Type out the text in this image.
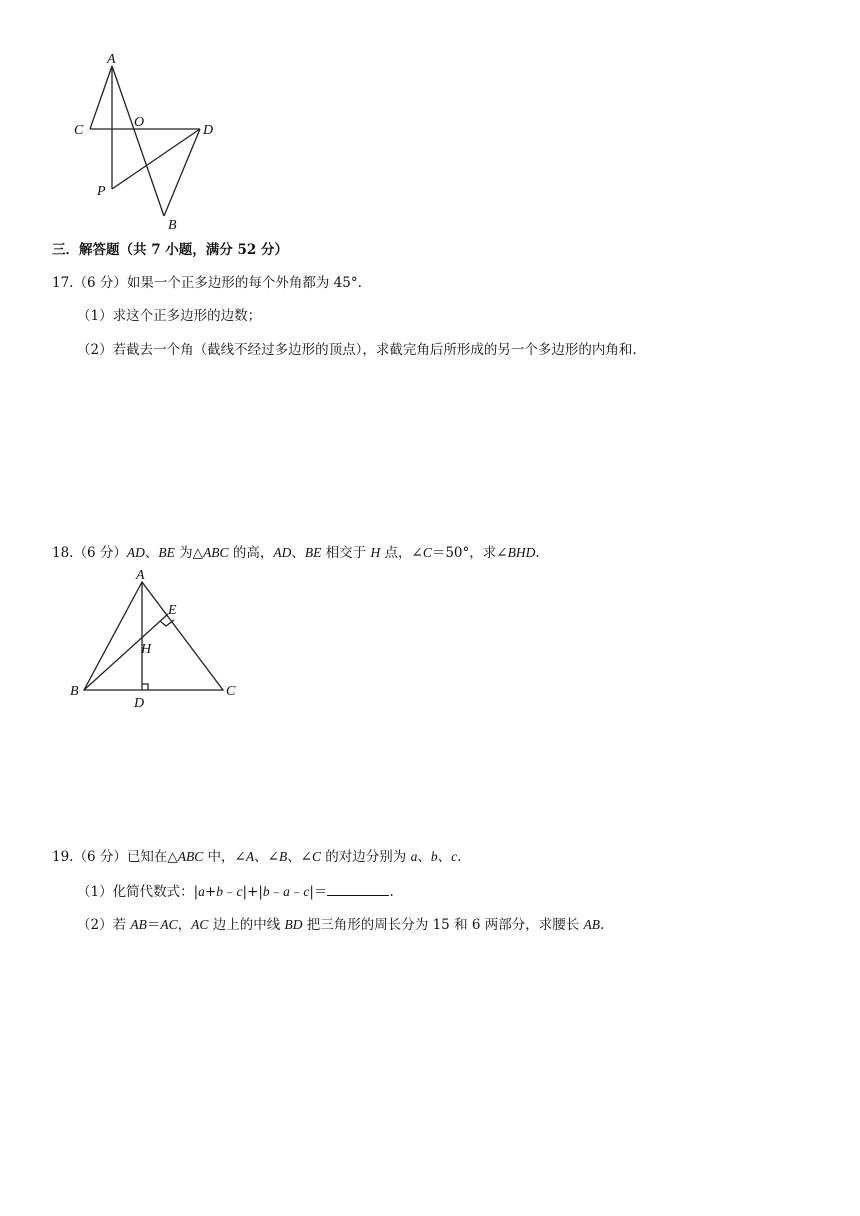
A
C
O
D
P
B
三．解答题（共 7 小题，满分 52 分）
17.（6 分）如果一个正多边形的每个外角都为 45°.
（1）求这个正多边形的边数；
（2）若截去一个角（截线不经过多边形的顶点），求截完角后所形成的另一个多边形的内角和.
18.（6 分）AD、BE 为△ABC 的高，AD、BE 相交于 H 点，∠C＝50°，求∠BHD.
A
E
H
B
D
C
19.（6 分）已知在△ABC 中，∠A、∠B、∠C 的对边分别为 a、b、c.
（1）化简代数式：|a+b﹣c|+|b﹣a﹣c|＝	.
（2）若 AB＝AC，AC 边上的中线 BD 把三角形的周长分为 15 和 6 两部分，求腰长 AB.
